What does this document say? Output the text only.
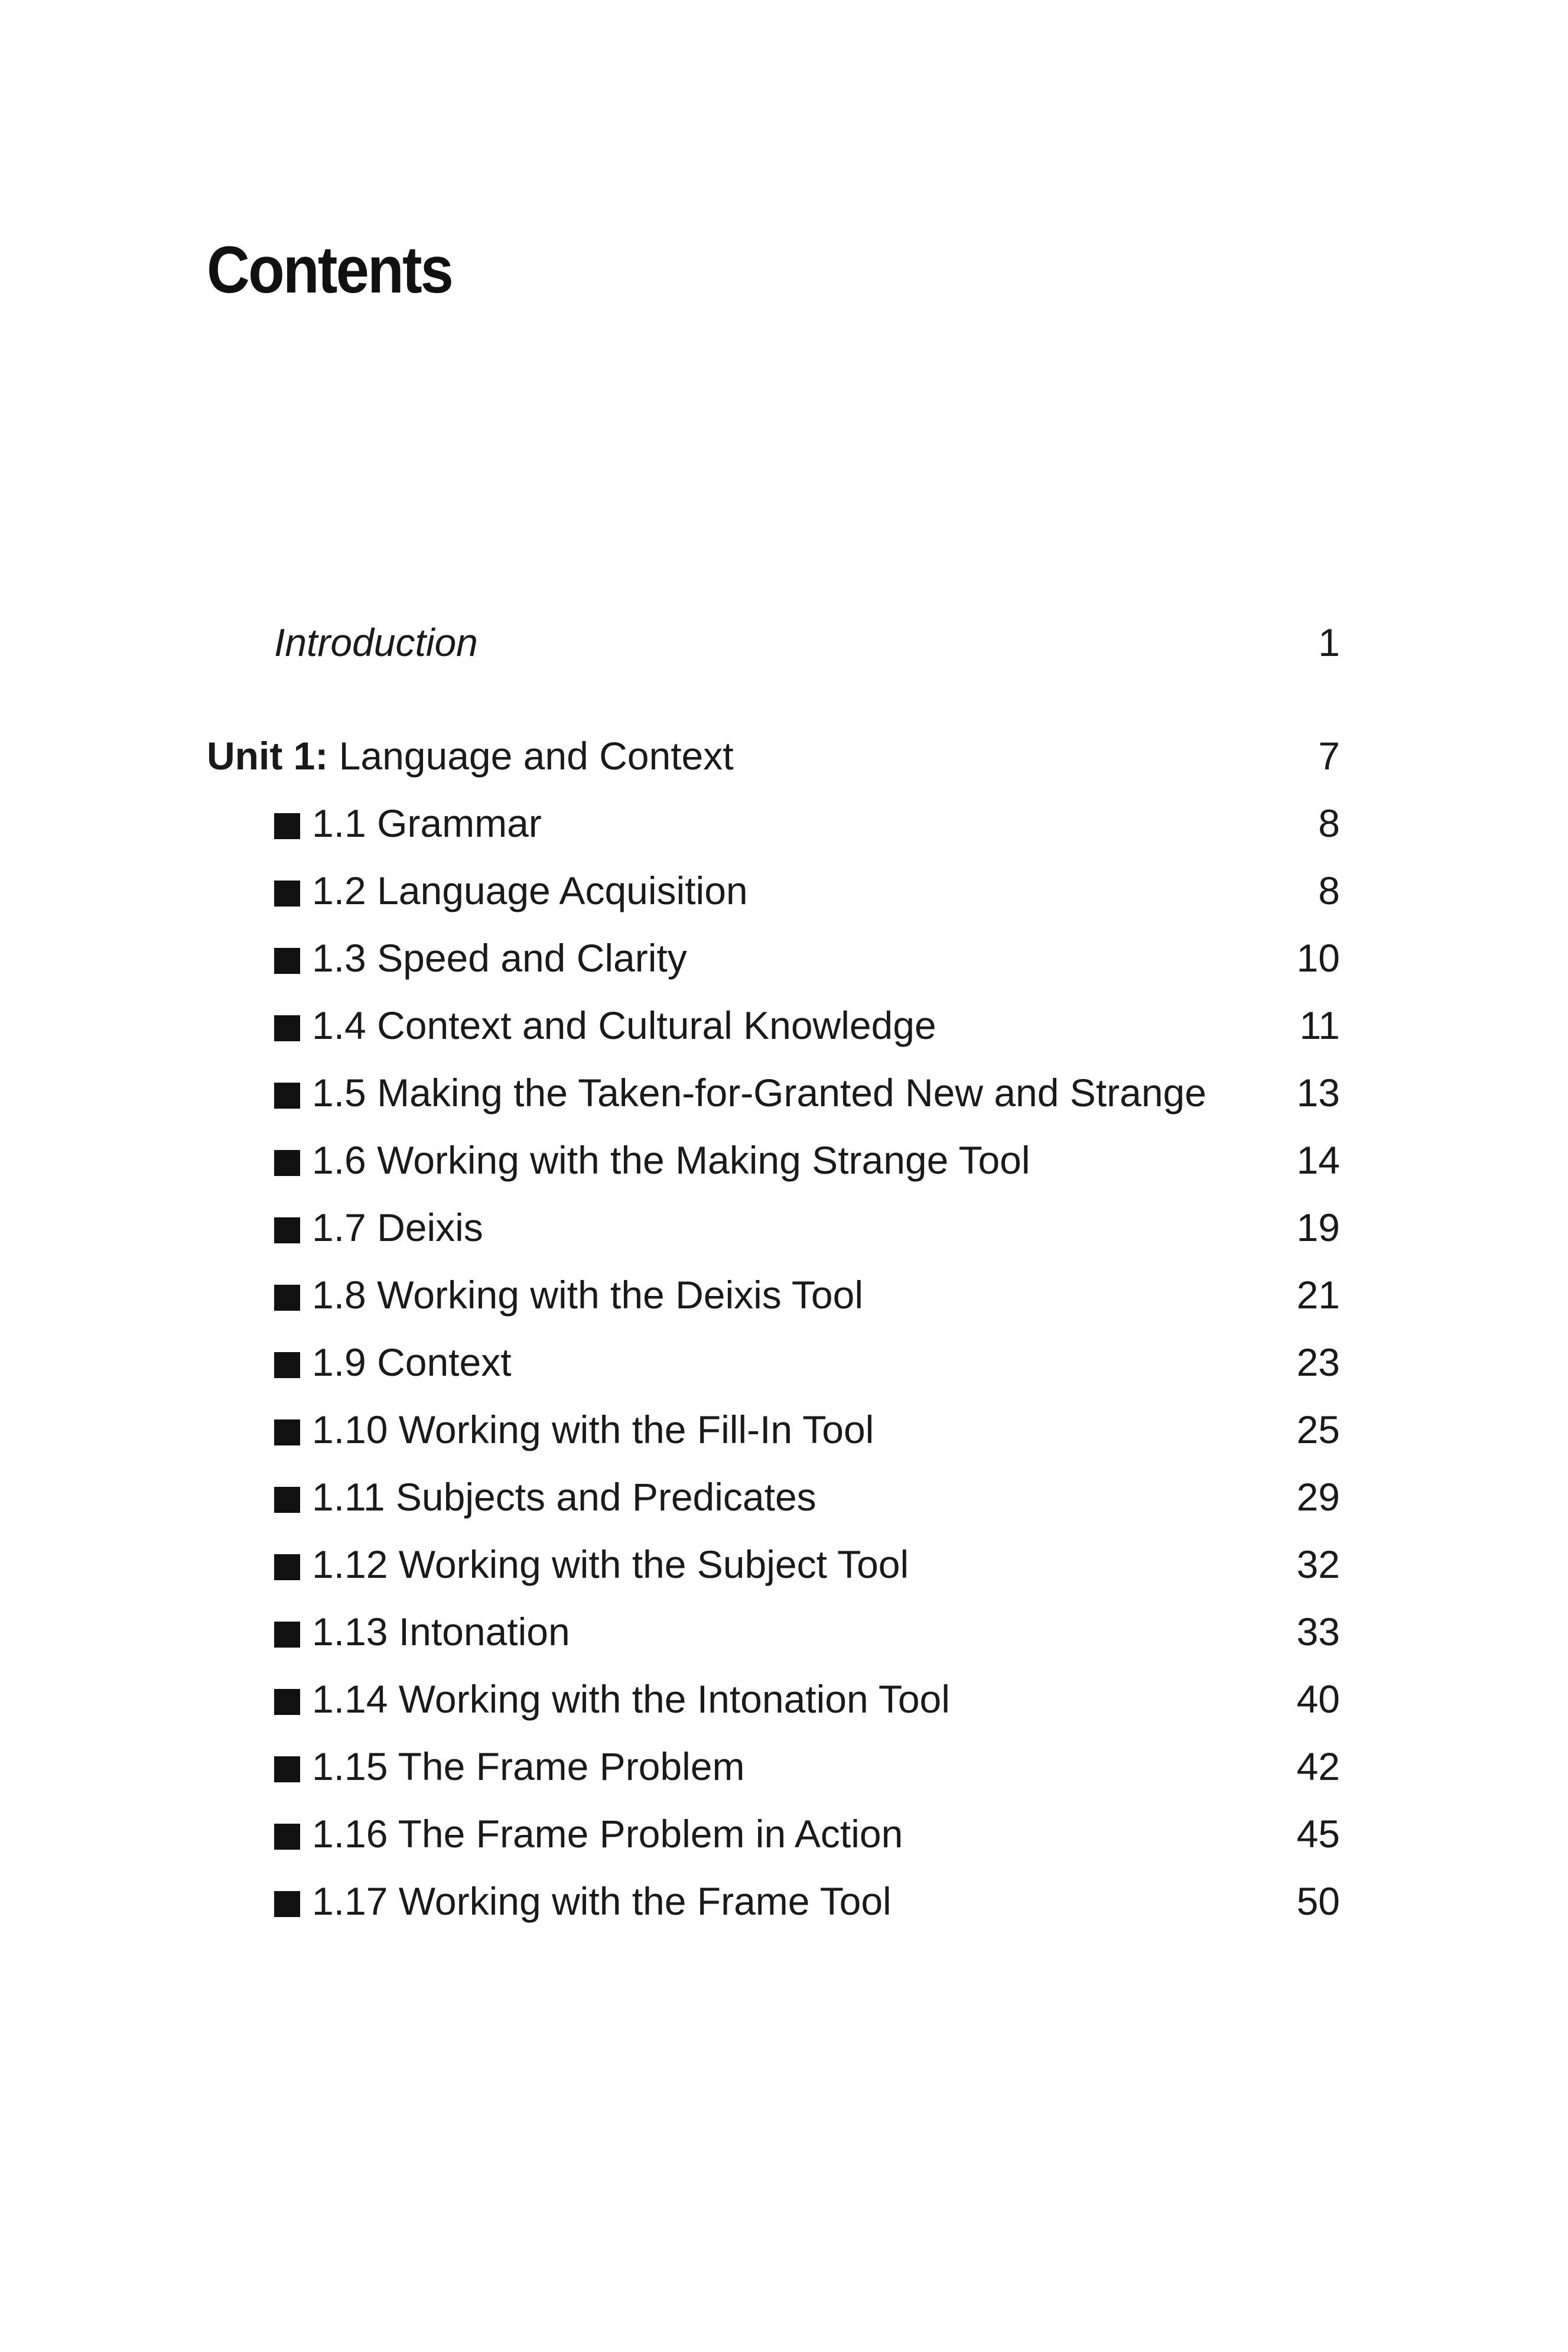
Contents
Introduction	1
Unit 1: Language and Context	7
1.1 Grammar	8
1.2 Language Acquisition	8
1.3 Speed and Clarity	10
1.4 Context and Cultural Knowledge	11
1.5 Making the Taken-for-Granted New and Strange 13
1.6 Working with the Making Strange Tool	14
1.7 Deixis	19
1.8 Working with the Deixis Tool	21
1.9 Context	23
1.10 Working with the Fill-In Tool	25
1.11 Subjects and Predicates	29
1.12 Working with the Subject Tool	32
1.13 Intonation	33
1.14 Working with the Intonation Tool	40
1.15 The Frame Problem	42
1.16 The Frame Problem in Action	45
1.17 Working with the Frame Tool	50
